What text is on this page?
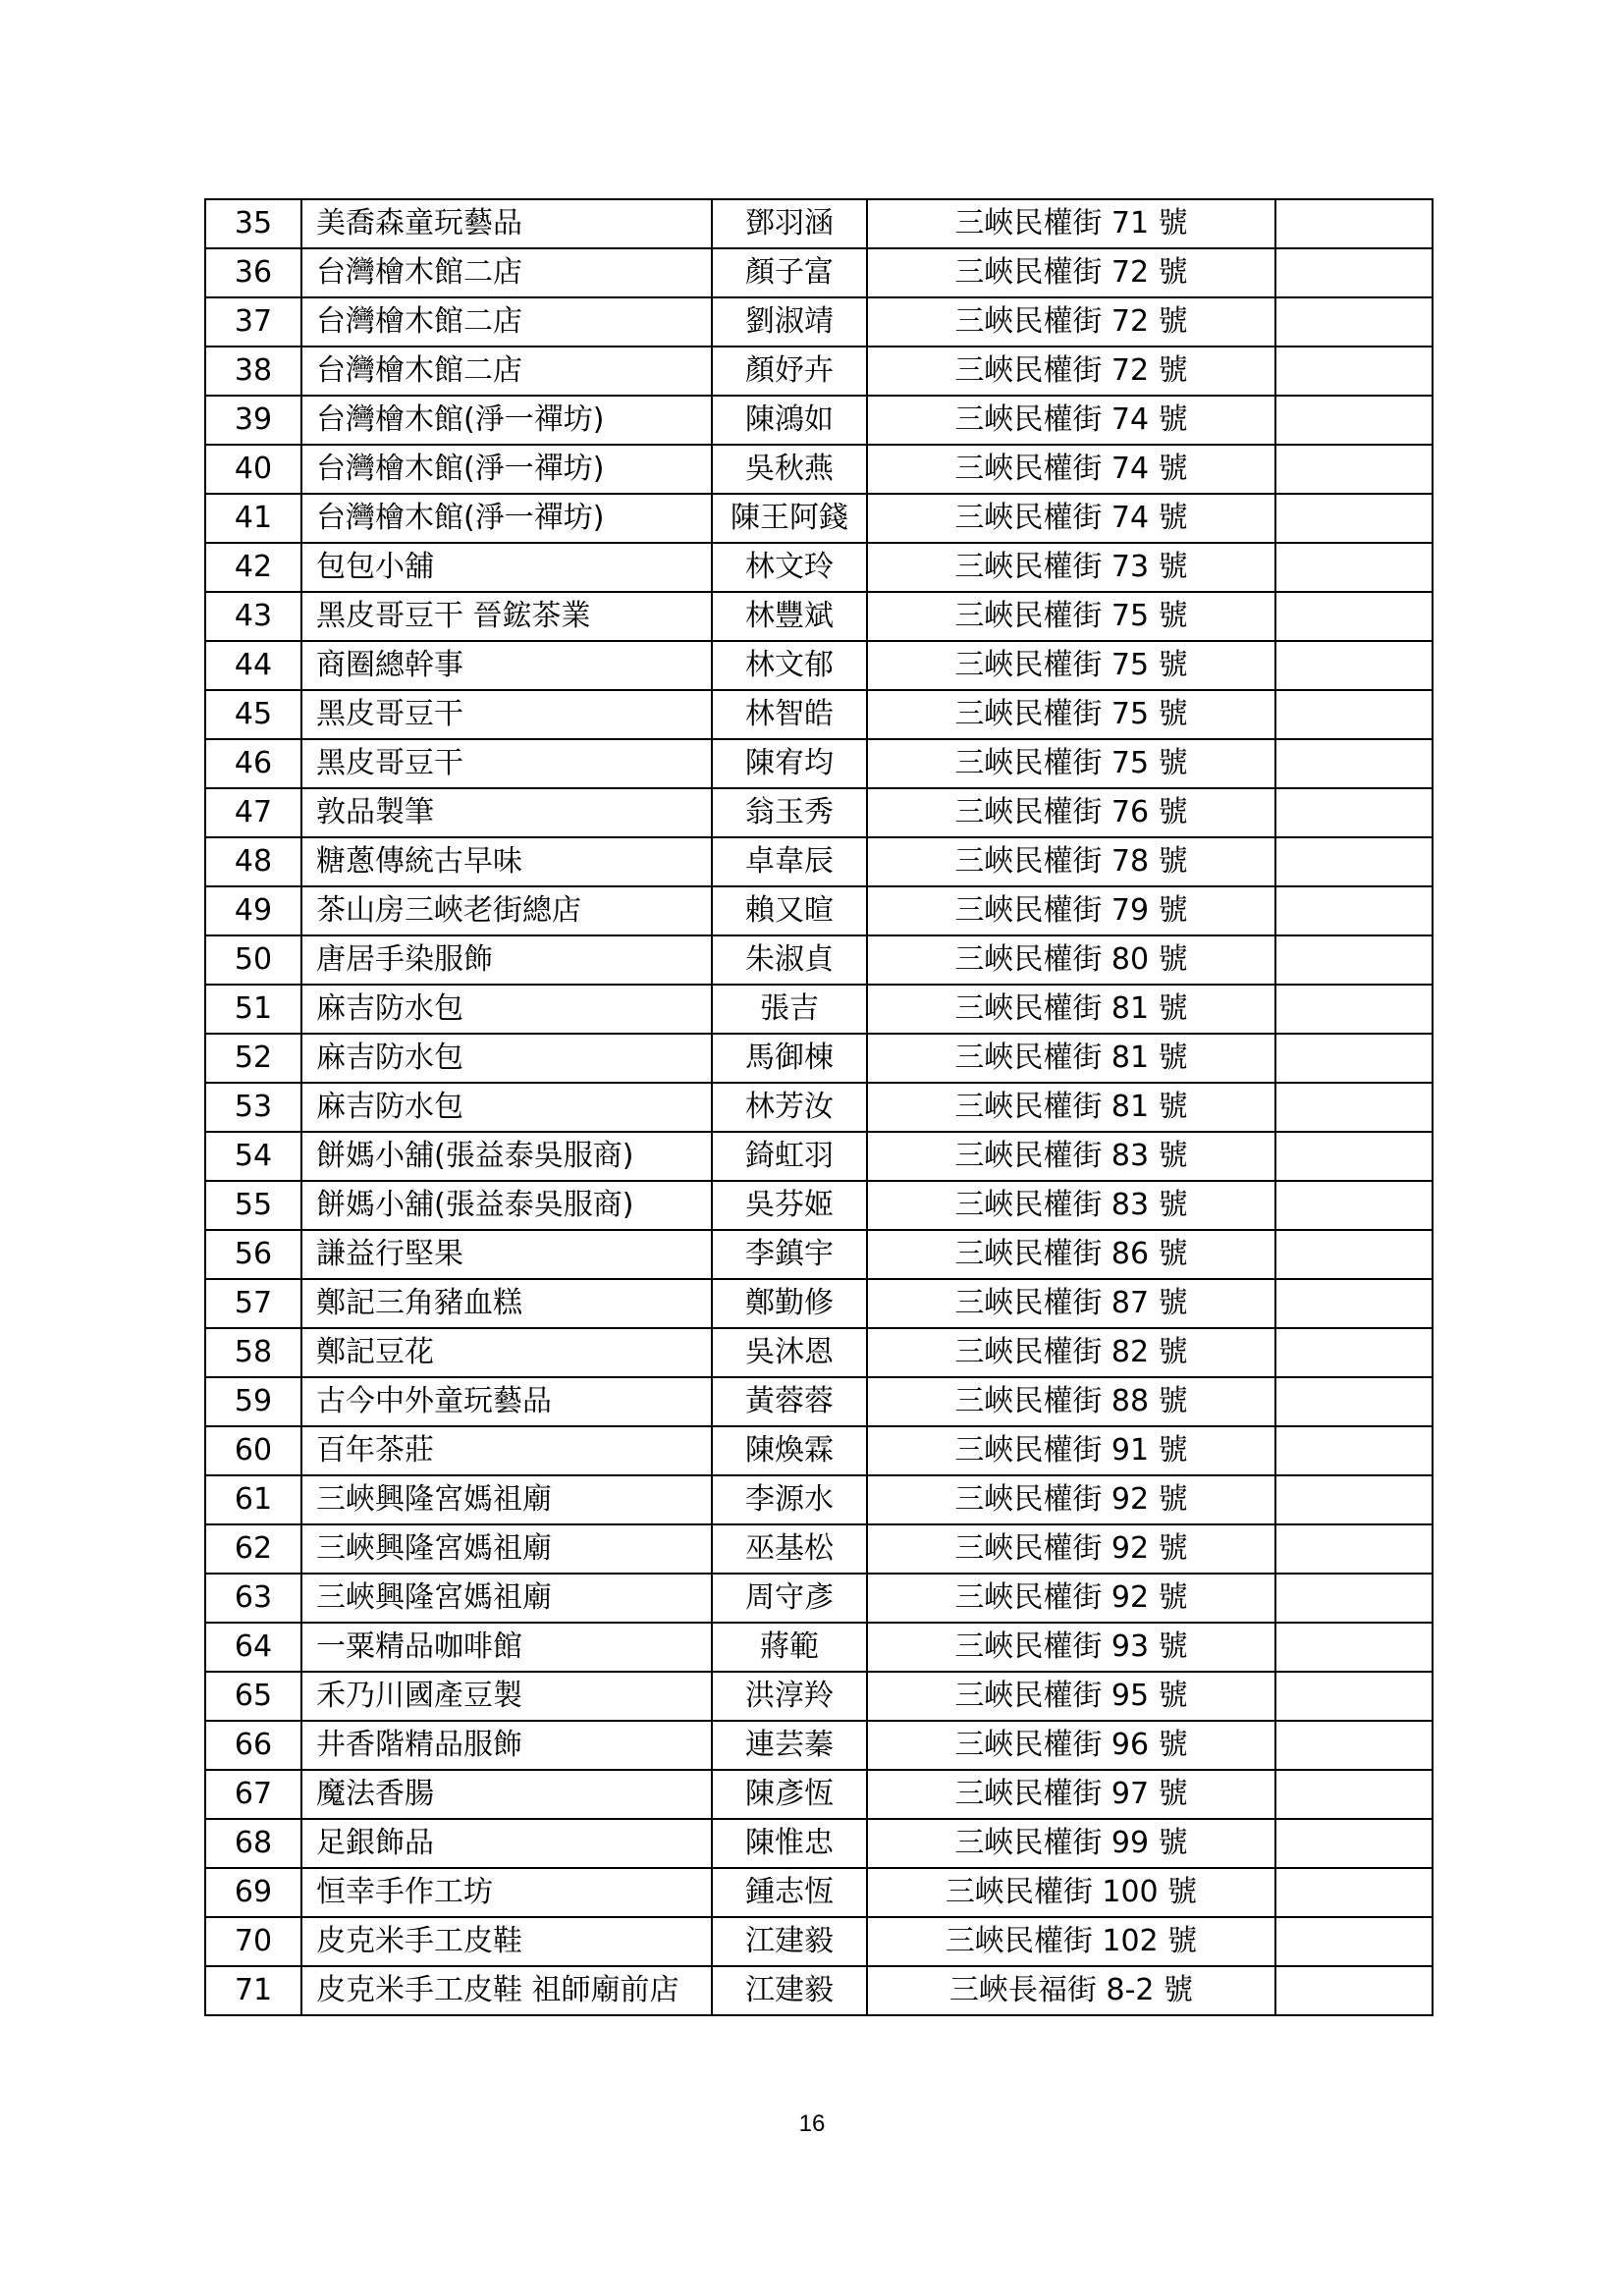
35	美喬森童玩藝品	鄧羽涵	三峽民權街 71 號	
36	台灣檜木館二店	顏子富	三峽民權街 72 號	
37	台灣檜木館二店	劉淑靖	三峽民權街 72 號	
38	台灣檜木館二店	顏妤卉	三峽民權街 72 號	
39	台灣檜木館(淨一禪坊)	陳鴻如	三峽民權街 74 號	
40	台灣檜木館(淨一禪坊)	吳秋燕	三峽民權街 74 號	
41	台灣檜木館(淨一禪坊)	陳王阿錢	三峽民權街 74 號	
42	包包小舖	林文玲	三峽民權街 73 號	
43	黑皮哥豆干 晉鋐茶業	林豐斌	三峽民權街 75 號	
44	商圈總幹事	林文郁	三峽民權街 75 號	
45	黑皮哥豆干	林智皓	三峽民權街 75 號	
46	黑皮哥豆干	陳宥均	三峽民權街 75 號	
47	敦品製筆	翁玉秀	三峽民權街 76 號	
48	糖蔥傳統古早味	卓韋辰	三峽民權街 78 號	
49	茶山房三峽老街總店	賴又暄	三峽民權街 79 號	
50	唐居手染服飾	朱淑貞	三峽民權街 80 號	
51	麻吉防水包	張吉	三峽民權街 81 號	
52	麻吉防水包	馬御棟	三峽民權街 81 號	
53	麻吉防水包	林芳汝	三峽民權街 81 號	
54	餅媽小舖(張益泰吳服商)	錡虹羽	三峽民權街 83 號	
55	餅媽小舖(張益泰吳服商)	吳芬姬	三峽民權街 83 號	
56	謙益行堅果	李鎮宇	三峽民權街 86 號	
57	鄭記三角豬血糕	鄭勤修	三峽民權街 87 號	
58	鄭記豆花	吳沐恩	三峽民權街 82 號	
59	古今中外童玩藝品	黃蓉蓉	三峽民權街 88 號	
60	百年茶莊	陳煥霖	三峽民權街 91 號	
61	三峽興隆宮媽祖廟	李源水	三峽民權街 92 號	
62	三峽興隆宮媽祖廟	巫基松	三峽民權街 92 號	
63	三峽興隆宮媽祖廟	周守彥	三峽民權街 92 號	
64	一粟精品咖啡館	蔣範	三峽民權街 93 號	
65	禾乃川國產豆製	洪淳羚	三峽民權街 95 號	
66	井香階精品服飾	連芸蓁	三峽民權街 96 號	
67	魔法香腸	陳彥恆	三峽民權街 97 號	
68	足銀飾品	陳惟忠	三峽民權街 99 號	
69	恒幸手作工坊	鍾志恆	三峽民權街 100 號	
70	皮克米手工皮鞋	江建毅	三峽民權街 102 號	
71	皮克米手工皮鞋 祖師廟前店	江建毅	三峽長福街 8-2 號	
16
